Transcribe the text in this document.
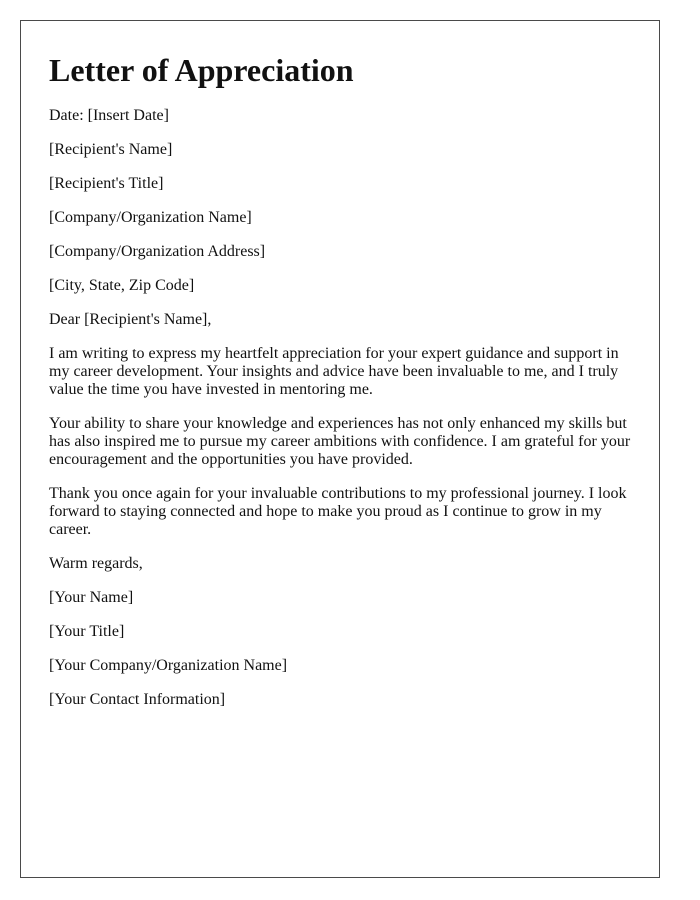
Letter of Appreciation

Date: [Insert Date]

[Recipient's Name]

[Recipient's Title]

[Company/Organization Name]

[Company/Organization Address]

[City, State, Zip Code]

Dear [Recipient's Name],

I am writing to express my heartfelt appreciation for your expert guidance and support in my career development. Your insights and advice have been invaluable to me, and I truly value the time you have invested in mentoring me.

Your ability to share your knowledge and experiences has not only enhanced my skills but has also inspired me to pursue my career ambitions with confidence. I am grateful for your encouragement and the opportunities you have provided.

Thank you once again for your invaluable contributions to my professional journey. I look forward to staying connected and hope to make you proud as I continue to grow in my career.

Warm regards,

[Your Name]

[Your Title]

[Your Company/Organization Name]

[Your Contact Information]
